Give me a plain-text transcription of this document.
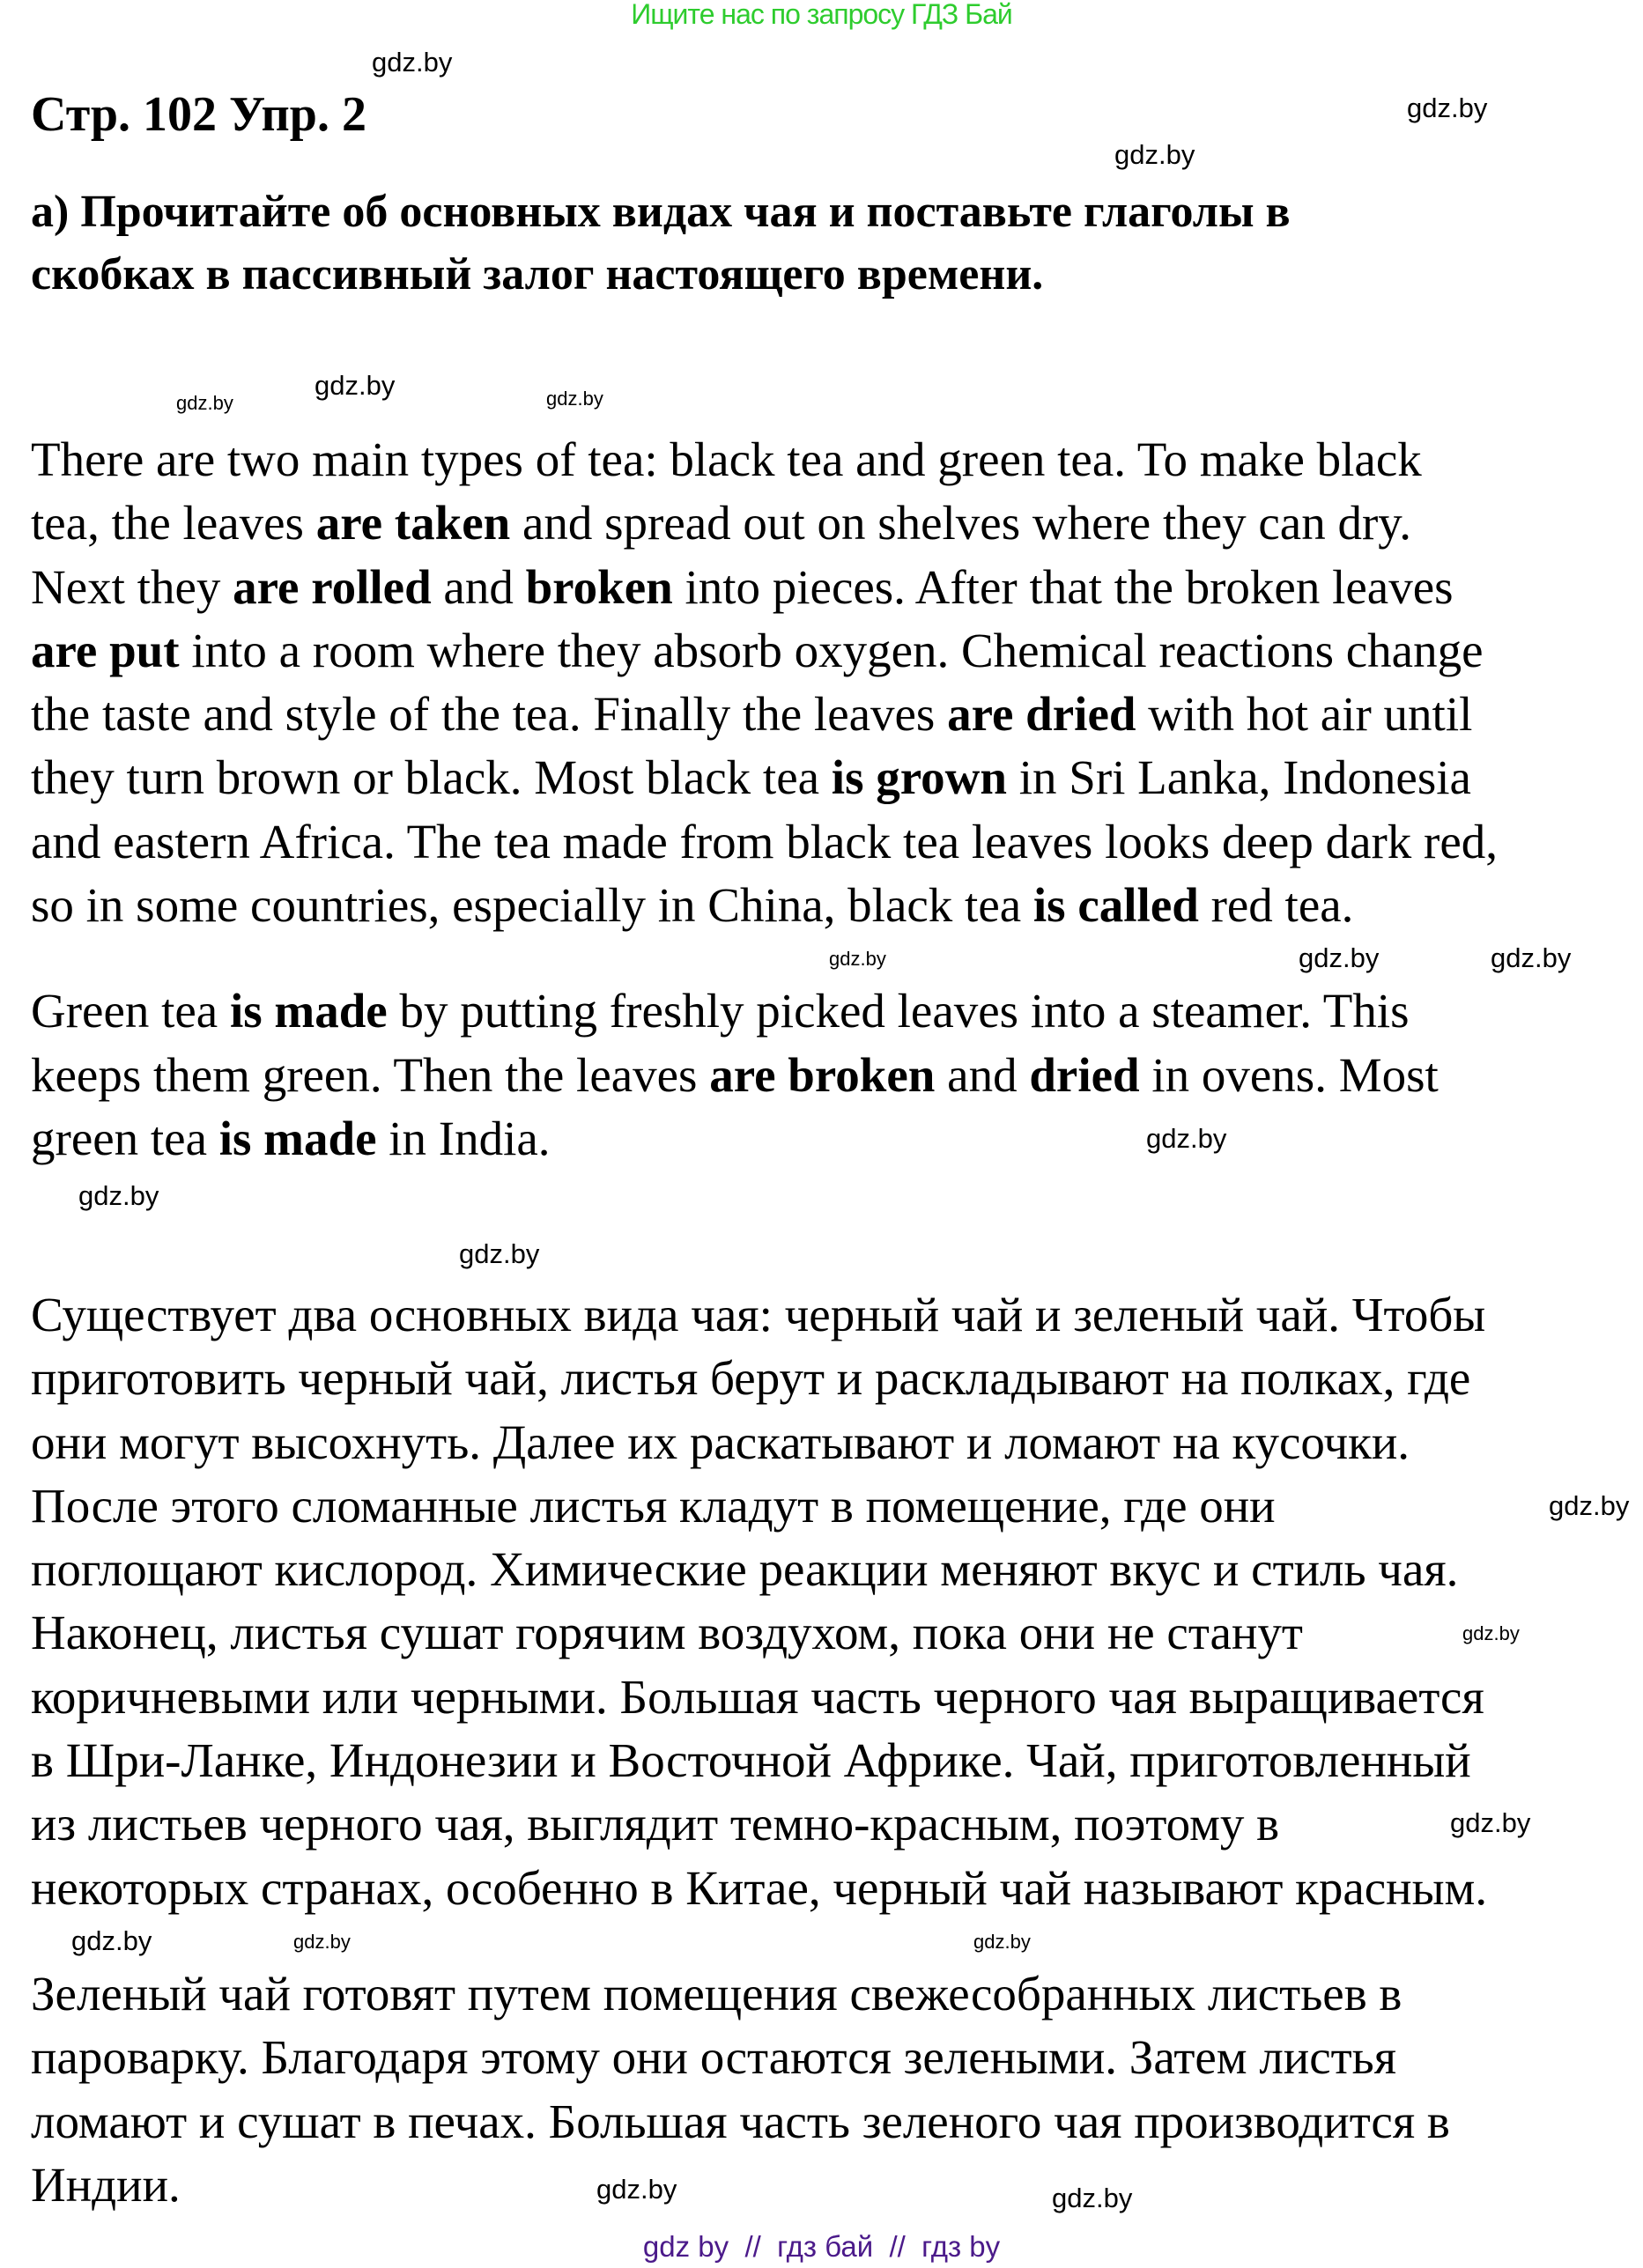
Ищите нас по запросу ГДЗ Бай
Стр. 102 Упр. 2
а) Прочитайте об основных видах чая и поставьте глаголы в
скобках в пассивный залог настоящего времени.
There are two main types of tea: black tea and green tea. To make black
tea, the leaves are taken and spread out on shelves where they can dry.
Next they are rolled and broken into pieces. After that the broken leaves
are put into a room where they absorb oxygen. Chemical reactions change
the taste and style of the tea. Finally the leaves are dried with hot air until
they turn brown or black. Most black tea is grown in Sri Lanka, Indonesia
and eastern Africa. The tea made from black tea leaves looks deep dark red,
so in some countries, especially in China, black tea is called red tea.
Green tea is made by putting freshly picked leaves into a steamer. This
keeps them green. Then the leaves are broken and dried in ovens. Most
green tea is made in India.
Существует два основных вида чая: черный чай и зеленый чай. Чтобы
приготовить черный чай, листья берут и раскладывают на полках, где
они могут высохнуть. Далее их раскатывают и ломают на кусочки.
После этого сломанные листья кладут в помещение, где они
поглощают кислород. Химические реакции меняют вкус и стиль чая.
Наконец, листья сушат горячим воздухом, пока они не станут
коричневыми или черными. Большая часть черного чая выращивается
в Шри-Ланке, Индонезии и Восточной Африке. Чай, приготовленный
из листьев черного чая, выглядит темно-красным, поэтому в
некоторых странах, особенно в Китае, черный чай называют красным.
Зеленый чай готовят путем помещения свежесобранных листьев в
пароварку. Благодаря этому они остаются зелеными. Затем листья
ломают и сушат в печах. Большая часть зеленого чая производится в
Индии.
gdz.by
gdz.by
gdz.by
gdz.by
gdz.by	gdz.by
gdz.by	gdz.by	gdz.by
gdz.by
gdz.by
gdz.by
gdz.by
gdz.by
gdz.by
gdz.by	gdz.by	gdz.by
gdz.by	gdz.by
gdz by  //  гдз бай  //  гдз by
